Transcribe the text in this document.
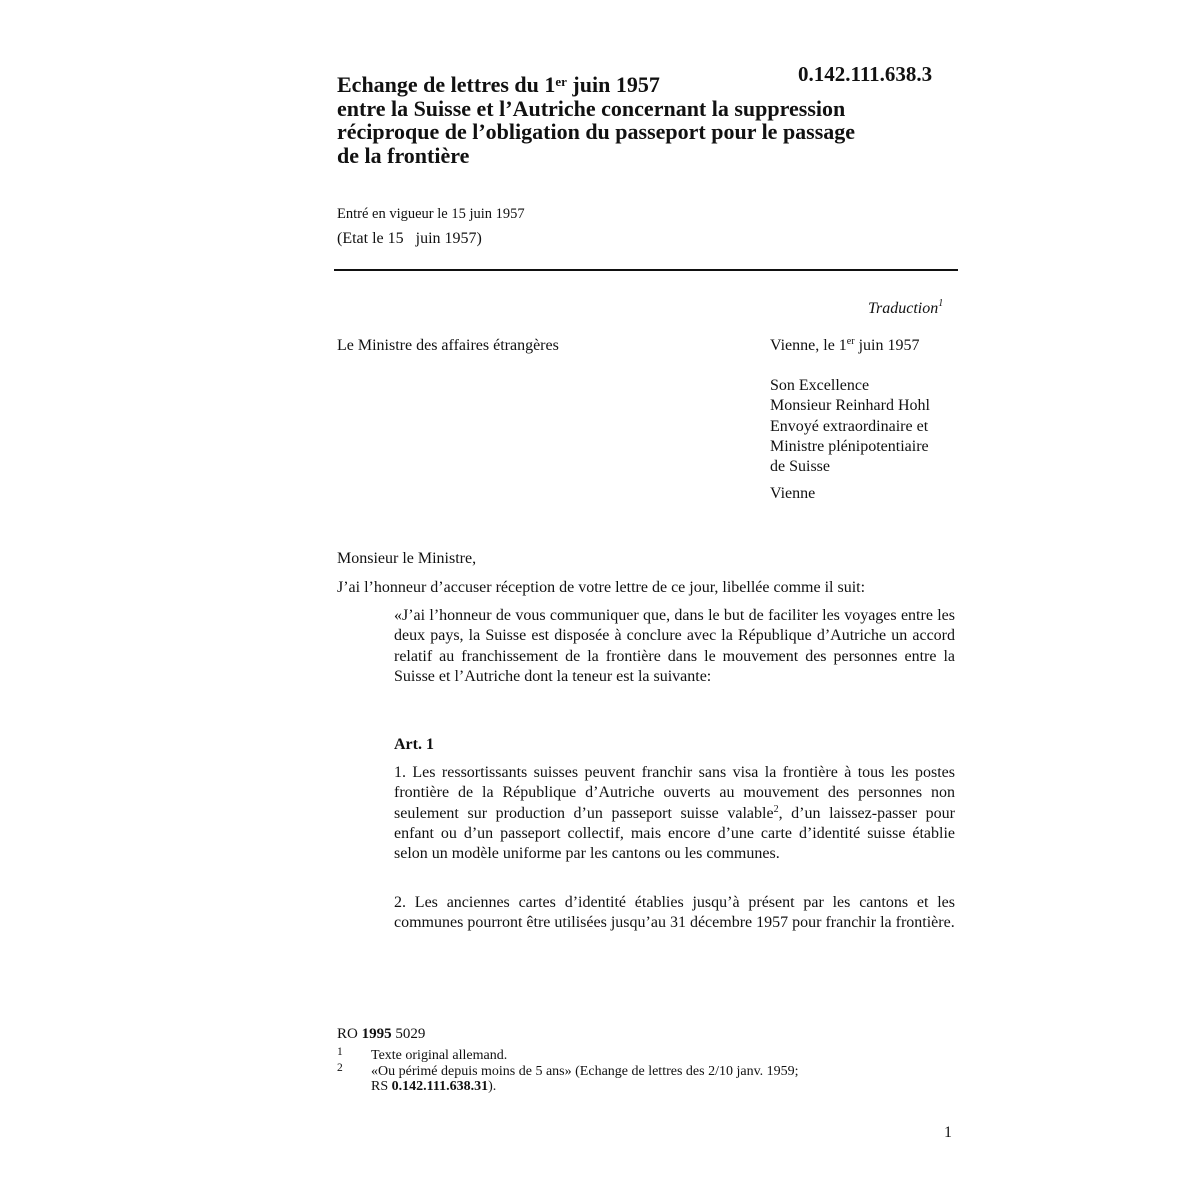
0.142.111.638.3
Echange de lettres du 1er juin 1957
entre la Suisse et l’Autriche concernant la suppression
réciproque de l’obligation du passeport pour le passage
de la frontière
Entré en vigueur le 15 juin 1957
(Etat le 15   juin 1957)
Traduction$^1$
Le Ministre des affaires étrangères	Vienne, le 1er juin 1957
Son Excellence
Monsieur Reinhard Hohl
Envoyé extraordinaire et
Ministre plénipotentiaire
de Suisse
Vienne
Monsieur le Ministre,
J’ai l’honneur d’accuser réception de votre lettre de ce jour, libellée comme il suit:

«J’ai l’honneur de vous communiquer que, dans le but de faciliter les voyages entre les deux pays, la Suisse est disposée à conclure avec la République d’Autriche un accord relatif au franchissement de la frontière dans le mouvement des personnes entre la Suisse et l’Autriche dont la teneur est la suivante:

Art. 1

1. Les ressortissants suisses peuvent franchir sans visa la frontière à tous les postes frontière de la République d’Autriche ouverts au mouvement des personnes non seulement sur production d’un passeport suisse valable$^2$, d’un laissez-passer pour enfant ou d’un passeport collectif, mais encore d’une carte d’identité suisse établie selon un modèle uniforme par les cantons ou les communes.

2. Les anciennes cartes d’identité établies jusqu’à présent par les cantons et les communes pourront être utilisées jusqu’au 31 décembre 1957 pour franchir la frontière.

RO 1995 5029
1 Texte original allemand.
2 «Ou périmé depuis moins de 5 ans» (Echange de lettres des 2/10 janv. 1959;
RS 0.142.111.638.31).
1
